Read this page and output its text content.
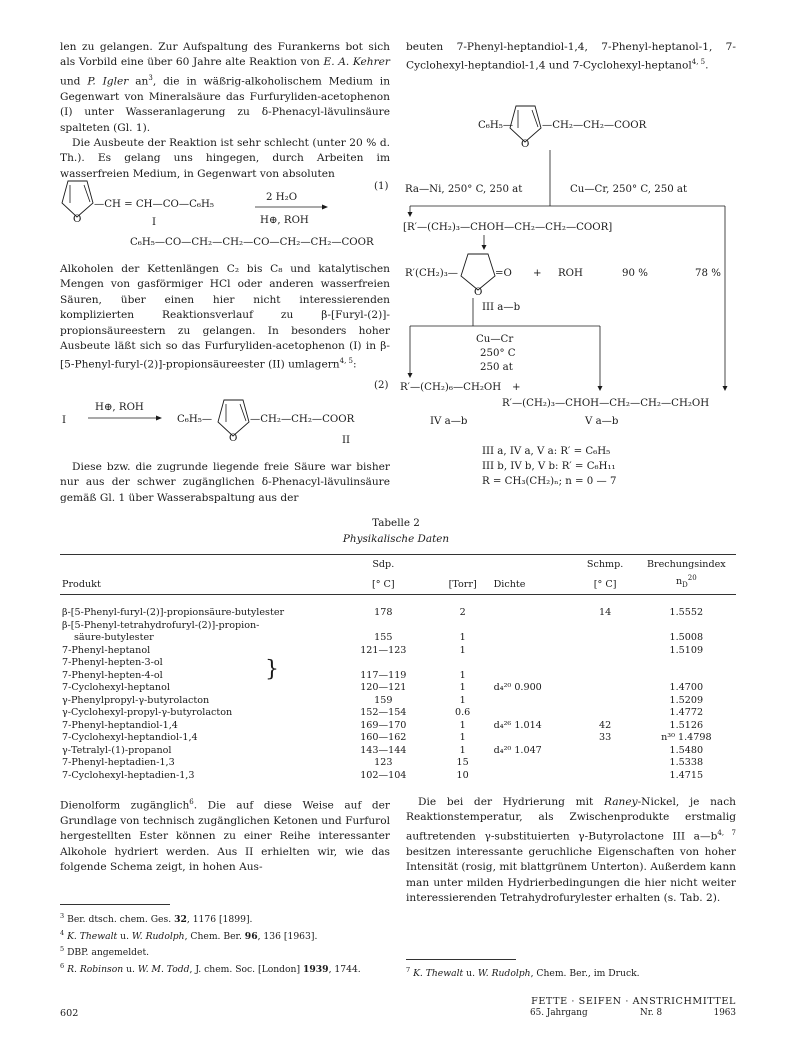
len zu gelangen. Zur Aufspaltung des Furankerns bot sich als Vorbild eine über 60 Jahre alte Reaktion von E. A. Kehrer und P. Igler $an^3$, die in wäßrig-alkoholischem Medium in Gegenwart von Mineralsäure das Furfuryliden-acetophenon (I) unter Wasseranlagerung zu δ-Phenacyl-lävulinsäure spalteten (Gl. 1).

Die Ausbeute der Reaktion ist sehr schlecht (unter 20 % d. Th.). Es gelang uns hingegen, durch Arbeiten im wasserfreien Medium, in Gegenwart von absoluten

O
—CH = CH—CO—C₆H₅
I
2 H₂O
H⊕, ROH
(1)
C₆H₅—CO—CH₂—CH₂—CO—CH₂—CH₂—COOR

Alkoholen der Kettenlängen C₂ bis C₈ und katalytischen Mengen von gasförmiger HCl oder anderen wasserfreien Säuren, über einen hier nicht interessierenden komplizierten Reaktionsverlauf zu β-[Furyl-(2)]-propionsäureestern zu gelangen. In besonders hoher Ausbeute läßt sich so das Furfuryliden-acetophenon (I) in β-[5-Phenyl-furyl-(2)]-propionsäureester (II) umlagern$^{4, 5}$:

(2)
I
H⊕, ROH
C₆H₅—
O
—CH₂—CH₂—COOR
II

Diese bzw. die zugrunde liegende freie Säure war bisher nur aus der schwer zugänglichen δ-Phenacyl-lävulinsäure gemäß Gl. 1 über Wasserabspaltung aus der

beuten 7-Phenyl-heptandiol-1,4, 7-Phenyl-heptanol-1, 7-Cyclohexyl-heptandiol-1,4 und 7-Cyclohexyl-heptanol$^{4, 5}$.

C₆H₅—
O
—CH₂—CH₂—COOR
Ra—Ni, 250° C, 250 at	Cu—Cr, 250° C, 250 at
[R′—(CH₂)₃—CHOH—CH₂—CH₂—COOR]
R′(CH₂)₃—
O
=O + ROH	90 %	78 %
III a—b
Cu—Cr
250° C
250 at
R′—(CH₂)₆—CH₂OH +
R′—(CH₂)₃—CHOH—CH₂—CH₂—CH₂OH
IV a—b	V a—b
III a, IV a, V a: R′ = C₆H₅
III b, IV b, V b: R′ = C₆H₁₁
R = CH₃(CH₂)ₙ; n = 0 — 7
Tabelle 2
Physikalische Daten
	Sdp.			Schmp.	Brechungsindex
Produkt	[° C]	[Torr]	Dichte	[° C]	$n_D^{20}$
β-[5-Phenyl-furyl-(2)]-propionsäure-butylester	178	2		14	1.5552
β-[5-Phenyl-tetrahydrofuryl-(2)]-propion-					
säure-butylester	155	1			1.5008
7-Phenyl-heptanol	121—123	1			1.5109
7-Phenyl-hepten-3-ol }					

7-Phenyl-hepten-4-ol	117—119	1			
7-Cyclohexyl-heptanol	120—121	1	d₄²⁰ 0.900		1.4700
γ-Phenylpropyl-γ-butyrolacton	159	1			1.5209
γ-Cyclohexyl-propyl-γ-butyrolacton	152—154	0.6			1.4772
7-Phenyl-heptandiol-1,4	169—170	1	d₄²⁶ 1.014	42	1.5126
7-Cyclohexyl-heptandiol-1,4	160—162	1		33	n³⁰ 1.4798
γ-Tetralyl-(1)-propanol	143—144	1	d₄²⁰ 1.047		1.5480
7-Phenyl-heptadien-1,3	123	15			1.5338
7-Cyclohexyl-heptadien-1,3	102—104	10			1.4715

Dienolform zugänglich$^6$. Die auf diese Weise auf der Grundlage von technisch zugänglichen Ketonen und Furfurol hergestellten Ester können zu einer Reihe interessanter Alkohole hydriert werden. Aus II erhielten wir, wie das folgende Schema zeigt, in hohen Aus-

Die bei der Hydrierung mit Raney-Nickel, je nach Reaktionstemperatur, als Zwischenprodukte erstmalig auftretenden γ-substituierten γ-Butyrolactone III $a—b^{4, 7}$ besitzen interessante geruchliche Eigenschaften von hoher Intensität (rosig, mit blattgrünem Unterton). Außerdem kann man unter milden Hydrierbedingungen die hier nicht weiter interessierenden Tetrahydrofurylester erhalten (s. Tab. 2).

$^3$ Ber. dtsch. chem. Ges. 32, 1176 [1899].
$^4$ K. Thewalt u. W. Rudolph, Chem. Ber. 96, 136 [1963].
$^5$ DBP. angemeldet.
$^6$ R. Robinson u. W. M. Todd, J. chem. Soc. [London] 1939, 1744.	$^7$ K. Thewalt u. W. Rudolph, Chem. Ber., im Druck.
602
FETTE · SEIFEN · ANSTRICHMITTEL
65. Jahrgang	Nr. 8	1963
